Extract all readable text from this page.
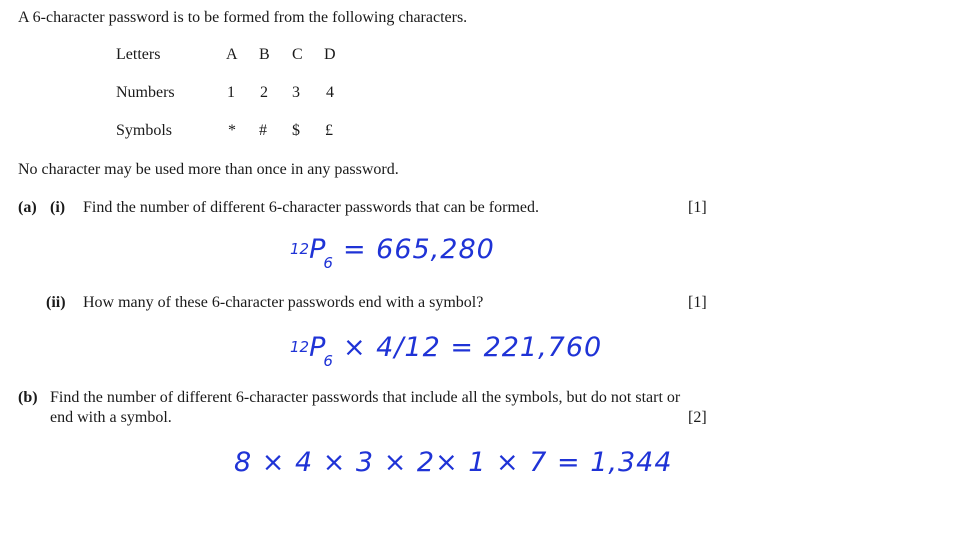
A 6-character password is to be formed from the following characters.
Letters	A B C D
Numbers	1 2 3 4
Symbols	* # $ £
No character may be used more than once in any password.
(a) (i) Find the number of different 6-character passwords that can be formed.	[1]
$^{12}P_6 = 665,280$
(ii) How many of these 6-character passwords end with a symbol?	[1]
$^{12}P_6 \times 4/12 = 221,760$
(b) Find the number of different 6-character passwords that include all the symbols, but do not start or
end with a symbol.	[2]
8 × 4 × 3 × 2× 1 × 7 = 1,344
